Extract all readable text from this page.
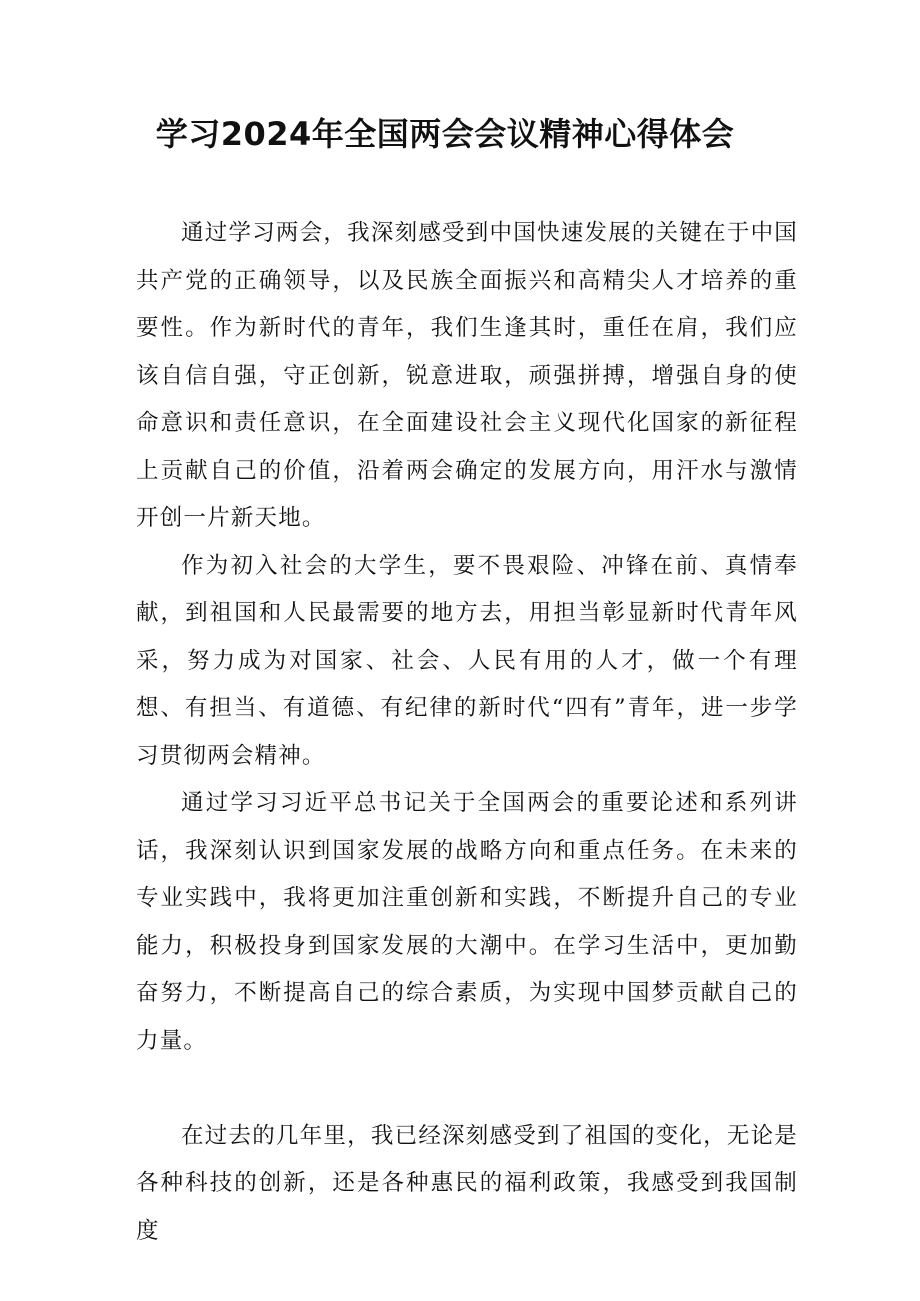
学习2024年全国两会会议精神心得体会

通过学习两会，我深刻感受到中国快速发展的关键在于中国共产党的正确领导，以及民族全面振兴和高精尖人才培养的重要性。作为新时代的青年，我们生逢其时，重任在肩，我们应该自信自强，守正创新，锐意进取，顽强拼搏，增强自身的使命意识和责任意识，在全面建设社会主义现代化国家的新征程上贡献自己的价值，沿着两会确定的发展方向，用汗水与激情开创一片新天地。

作为初入社会的大学生，要不畏艰险、冲锋在前、真情奉献，到祖国和人民最需要的地方去，用担当彰显新时代青年风采，努力成为对国家、社会、人民有用的人才，做一个有理想、有担当、有道德、有纪律的新时代“四有”青年，进一步学习贯彻两会精神。

通过学习习近平总书记关于全国两会的重要论述和系列讲话，我深刻认识到国家发展的战略方向和重点任务。在未来的专业实践中，我将更加注重创新和实践，不断提升自己的专业能力，积极投身到国家发展的大潮中。在学习生活中，更加勤奋努力，不断提高自己的综合素质，为实现中国梦贡献自己的力量。

在过去的几年里，我已经深刻感受到了祖国的变化，无论是各种科技的创新，还是各种惠民的福利政策，我感受到我国制度
